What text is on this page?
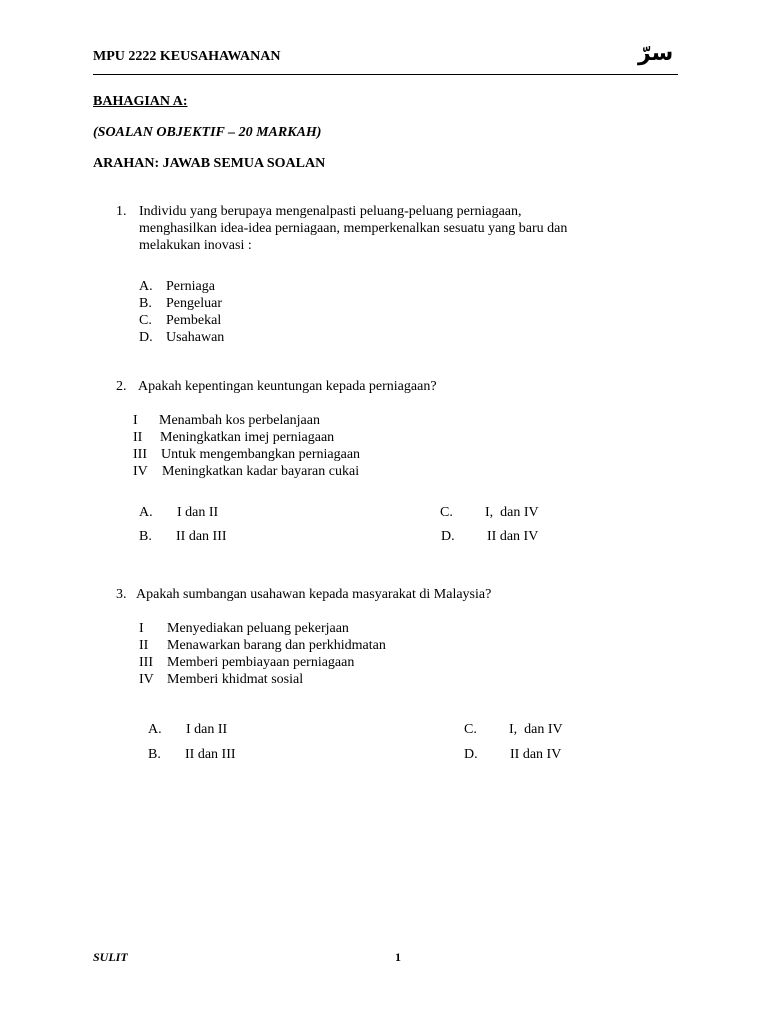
MPU 2222 KEUSAHAWANAN	سرّ
BAHAGIAN A:
(SOALAN OBJEKTIF – 20 MARKAH)
ARAHAN: JAWAB SEMUA SOALAN
1. Individu yang berupaya mengenalpasti peluang-peluang perniagaan,
menghasilkan idea-idea perniagaan, memperkenalkan sesuatu yang baru dan
melakukan inovasi :
A. Perniaga
B. Pengeluar
C. Pembekal
D. Usahawan
2. Apakah kepentingan keuntungan kepada perniagaan?
I Menambah kos perbelanjaan
II Meningkatkan imej perniagaan
III Untuk mengembangkan perniagaan
IV Meningkatkan kadar bayaran cukai
A. I dan II
B. II dan III
C. I,  dan IV
D. II dan IV
3. Apakah sumbangan usahawan kepada masyarakat di Malaysia?
I Menyediakan peluang pekerjaan
II Menawarkan barang dan perkhidmatan
III Memberi pembiayaan perniagaan
IV Memberi khidmat sosial
A. I dan II
B. II dan III
C. I,  dan IV
D. II dan IV
SULIT	1
